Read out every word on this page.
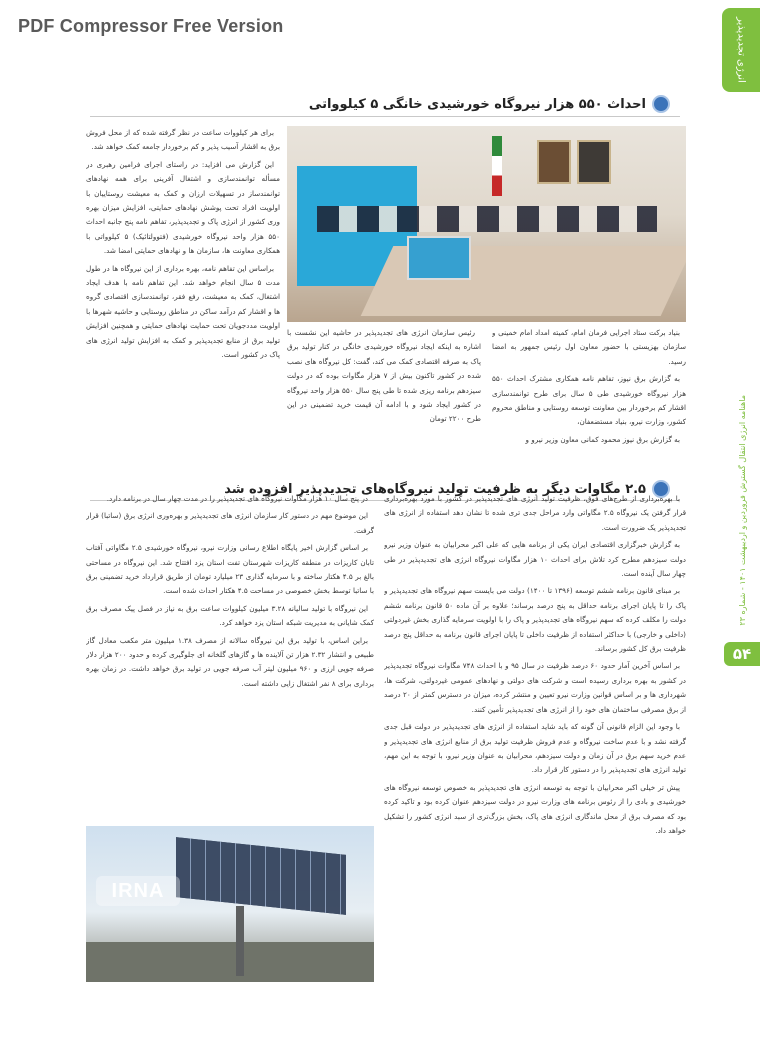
PDF Compressor Free Version	انرژی تجدیدپذیر
ماهنامه انرژی انتقال گسترش فروردین و اردیبهشت ۱۴۰۱ - شماره ۲۳
۵۴
احداث ۵۵۰ هزار نیروگاه خورشیدی خانگی ۵ کیلوواتی

برای هر کیلووات ساعت در نظر گرفته شده که از محل فروش برق به اقشار آسیب پذیر و کم برخوردار جامعه کمک خواهد شد.

این گزارش می افزاید: در راستای اجرای فرامین رهبری در مسأله توانمندسازی و اشتغال آفرینی برای همه نهادهای توانمندساز در تسهیلات ارزان و کمک به معیشت روستاییان با اولویت افراد تحت پوشش نهادهای حمایتی، افزایش میزان بهره وری کشور از انرژی پاک و تجدیدپذیر، تفاهم نامه پنج جانبه احداث ۵۵۰ هزار واحد نیروگاه خورشیدی (فتوولتائیک) ۵ کیلوواتی با همکاری معاونت ها، سازمان ها و نهادهای حمایتی امضا شد.

براساس این تفاهم نامه، بهره برداری از این نیروگاه ها در طول مدت ۵ سال انجام خواهد شد. این تفاهم نامه با هدف ایجاد اشتغال، کمک به معیشت، رفع فقر، توانمندسازی اقتصادی گروه ها و اقشار کم درآمد ساکن در مناطق روستایی و حاشیه شهرها با اولویت مددجویان تحت حمایت نهادهای حمایتی و همچنین افزایش تولید برق از منابع تجدیدپذیر و کمک به افزایش تولید انرژی های پاک در کشور است.

رئیس سازمان انرژی های تجدیدپذیر در حاشیه این نشست با اشاره به اینکه ایجاد نیروگاه خورشیدی خانگی در کنار تولید برق پاک به صرفه اقتصادی کمک می کند، گفت: کل نیروگاه های نصب شده در کشور تاکنون بیش از ۷ هزار مگاوات بوده که در دولت سیزدهم برنامه ریزی شده تا طی پنج سال ۵۵۰ هزار واحد نیروگاه در کشور ایجاد شود و با ادامه آن قیمت خرید تضمینی در این طرح ۲۲۰۰ تومان

بنیاد برکت ستاد اجرایی فرمان امام، کمیته امداد امام خمینی و سازمان بهزیستی با حضور معاون اول رئیس جمهور به امضا رسید.

به گزارش برق نیوز، تفاهم نامه همکاری مشترک احداث ۵۵۰ هزار نیروگاه خورشیدی طی ۵ سال برای طرح توانمندسازی اقشار کم برخوردار بین معاونت توسعه روستایی و مناطق محروم کشور، وزارت نیرو، بنیاد مستضعفان،

به گزارش برق نیوز محمود کمانی معاون وزیر نیرو و

۲.۵ مگاوات دیگر به ظرفیت تولید نیروگاه‌های تجدیدپذیر افزوده شد

با بهره‌برداری از طرح‌های فوق، ظرفیت تولید انرژی های تجدیدپذیر در کشور با مورد بهره‌برداری قرار گرفتن یک نیروگاه ۲.۵ مگاواتی وارد مراحل جدی تری شده تا نشان دهد استفاده از انرژی های تجدیدپذیر یک ضرورت است.

به گزارش خبرگزاری اقتصادی ایران یکی از برنامه هایی که علی اکبر محرابیان به عنوان وزیر نیرو دولت سیزدهم مطرح کرد تلاش برای احداث ۱۰ هزار مگاوات نیروگاه انرژی های تجدیدپذیر در طی چهار سال آینده است.

بر مبنای قانون برنامه ششم توسعه (۱۳۹۶ تا ۱۴۰۰) دولت می بایست سهم نیروگاه های تجدیدپذیر و پاک را تا پایان اجرای برنامه حداقل به پنج درصد برساند؛ علاوه بر آن ماده ۵۰ قانون برنامه ششم دولت را مکلف کرده که سهم نیروگاه های تجدیدپذیر و پاک را با اولویت سرمایه گذاری بخش غیردولتی (داخلی و خارجی) با حداکثر استفاده از ظرفیت داخلی تا پایان اجرای قانون برنامه به حداقل پنج درصد ظرفیت برق کل کشور برساند.

بر اساس آخرین آمار حدود ۶۰ درصد ظرفیت در سال ۹۵ و با احداث ۷۴۸ مگاوات نیروگاه تجدیدپذیر در کشور به بهره برداری رسیده است و شرکت های دولتی و نهادهای عمومی غیردولتی، شرکت ها، شهرداری ها و بر اساس قوانین وزارت نیرو تعیین و منتشر کرده، میزان در دسترس کمتر از ۲۰ درصد از برق مصرفی ساختمان های خود را از انرژی های تجدیدپذیر تأمین کنند.

با وجود این الزام قانونی آن گونه که باید شاید استفاده از انرژی های تجدیدپذیر در دولت قبل جدی گرفته نشد و با عدم ساخت نیروگاه و عدم فروش ظرفیت تولید برق از منابع انرژی های تجدیدپذیر و عدم خرید سهم برق در آن زمان و دولت سیزدهم، محرابیان به عنوان وزیر نیرو، با توجه به این مهم، تولید انرژی های تجدیدپذیر را در دستور کار قرار داد.

پیش تر خیلی اکبر محرابیان با توجه به توسعه انرژی های تجدیدپذیر به خصوص توسعه نیروگاه های خورشیدی و بادی را از رئوس برنامه های وزارت نیرو در دولت سیزدهم عنوان کرده بود و تاکید کرده بود که مصرف برق از محل ماندگاری انرژی های پاک، بخش بزرگ‌تری از سبد انرژی کشور را تشکیل خواهد داد.

در پنج سال ۱۰ هزار مگاوات نیروگاه های تجدیدپذیر را در مدت چهار سال در برنامه دارد.

این موضوع مهم در دستور کار سازمان انرژی های تجدیدپذیر و بهره‌وری انرژی برق (ساتبا) قرار گرفت.

بر اساس گزارش اخیر پایگاه اطلاع رسانی وزارت نیرو، نیروگاه خورشیدی ۲.۵ مگاواتی آفتاب تابان کاریزات در منطقه کاریزات شهرستان تفت استان یزد افتتاح شد. این نیروگاه در مساحتی بالغ بر ۴.۵ هکتار ساخته و با سرمایه گذاری ۲۳ میلیارد تومان از طریق قرارداد خرید تضمینی برق با ساتبا توسط بخش خصوصی در مساحت ۴.۵ هکتار احداث شده است.

این نیروگاه با تولید سالیانه ۳.۲۸ میلیون کیلووات ساعت برق به نیاز در فصل پیک مصرف برق کمک شایانی به مدیریت شبکه استان یزد خواهد کرد.

براین اساس، با تولید برق این نیروگاه سالانه از مصرف ۱.۳۸ میلیون متر مکعب معادل گاز طبیعی و انتشار ۲.۳۲ هزار تن آلاینده ها و گازهای گلخانه ای جلوگیری کرده و حدود ۲۰۰ هزار دلار صرفه جویی ارزی و ۹۶۰ میلیون لیتر آب صرفه جویی در تولید برق خواهد داشت. در زمان بهره برداری برای ۸ نفر اشتغال زایی داشته است.

IRNA
